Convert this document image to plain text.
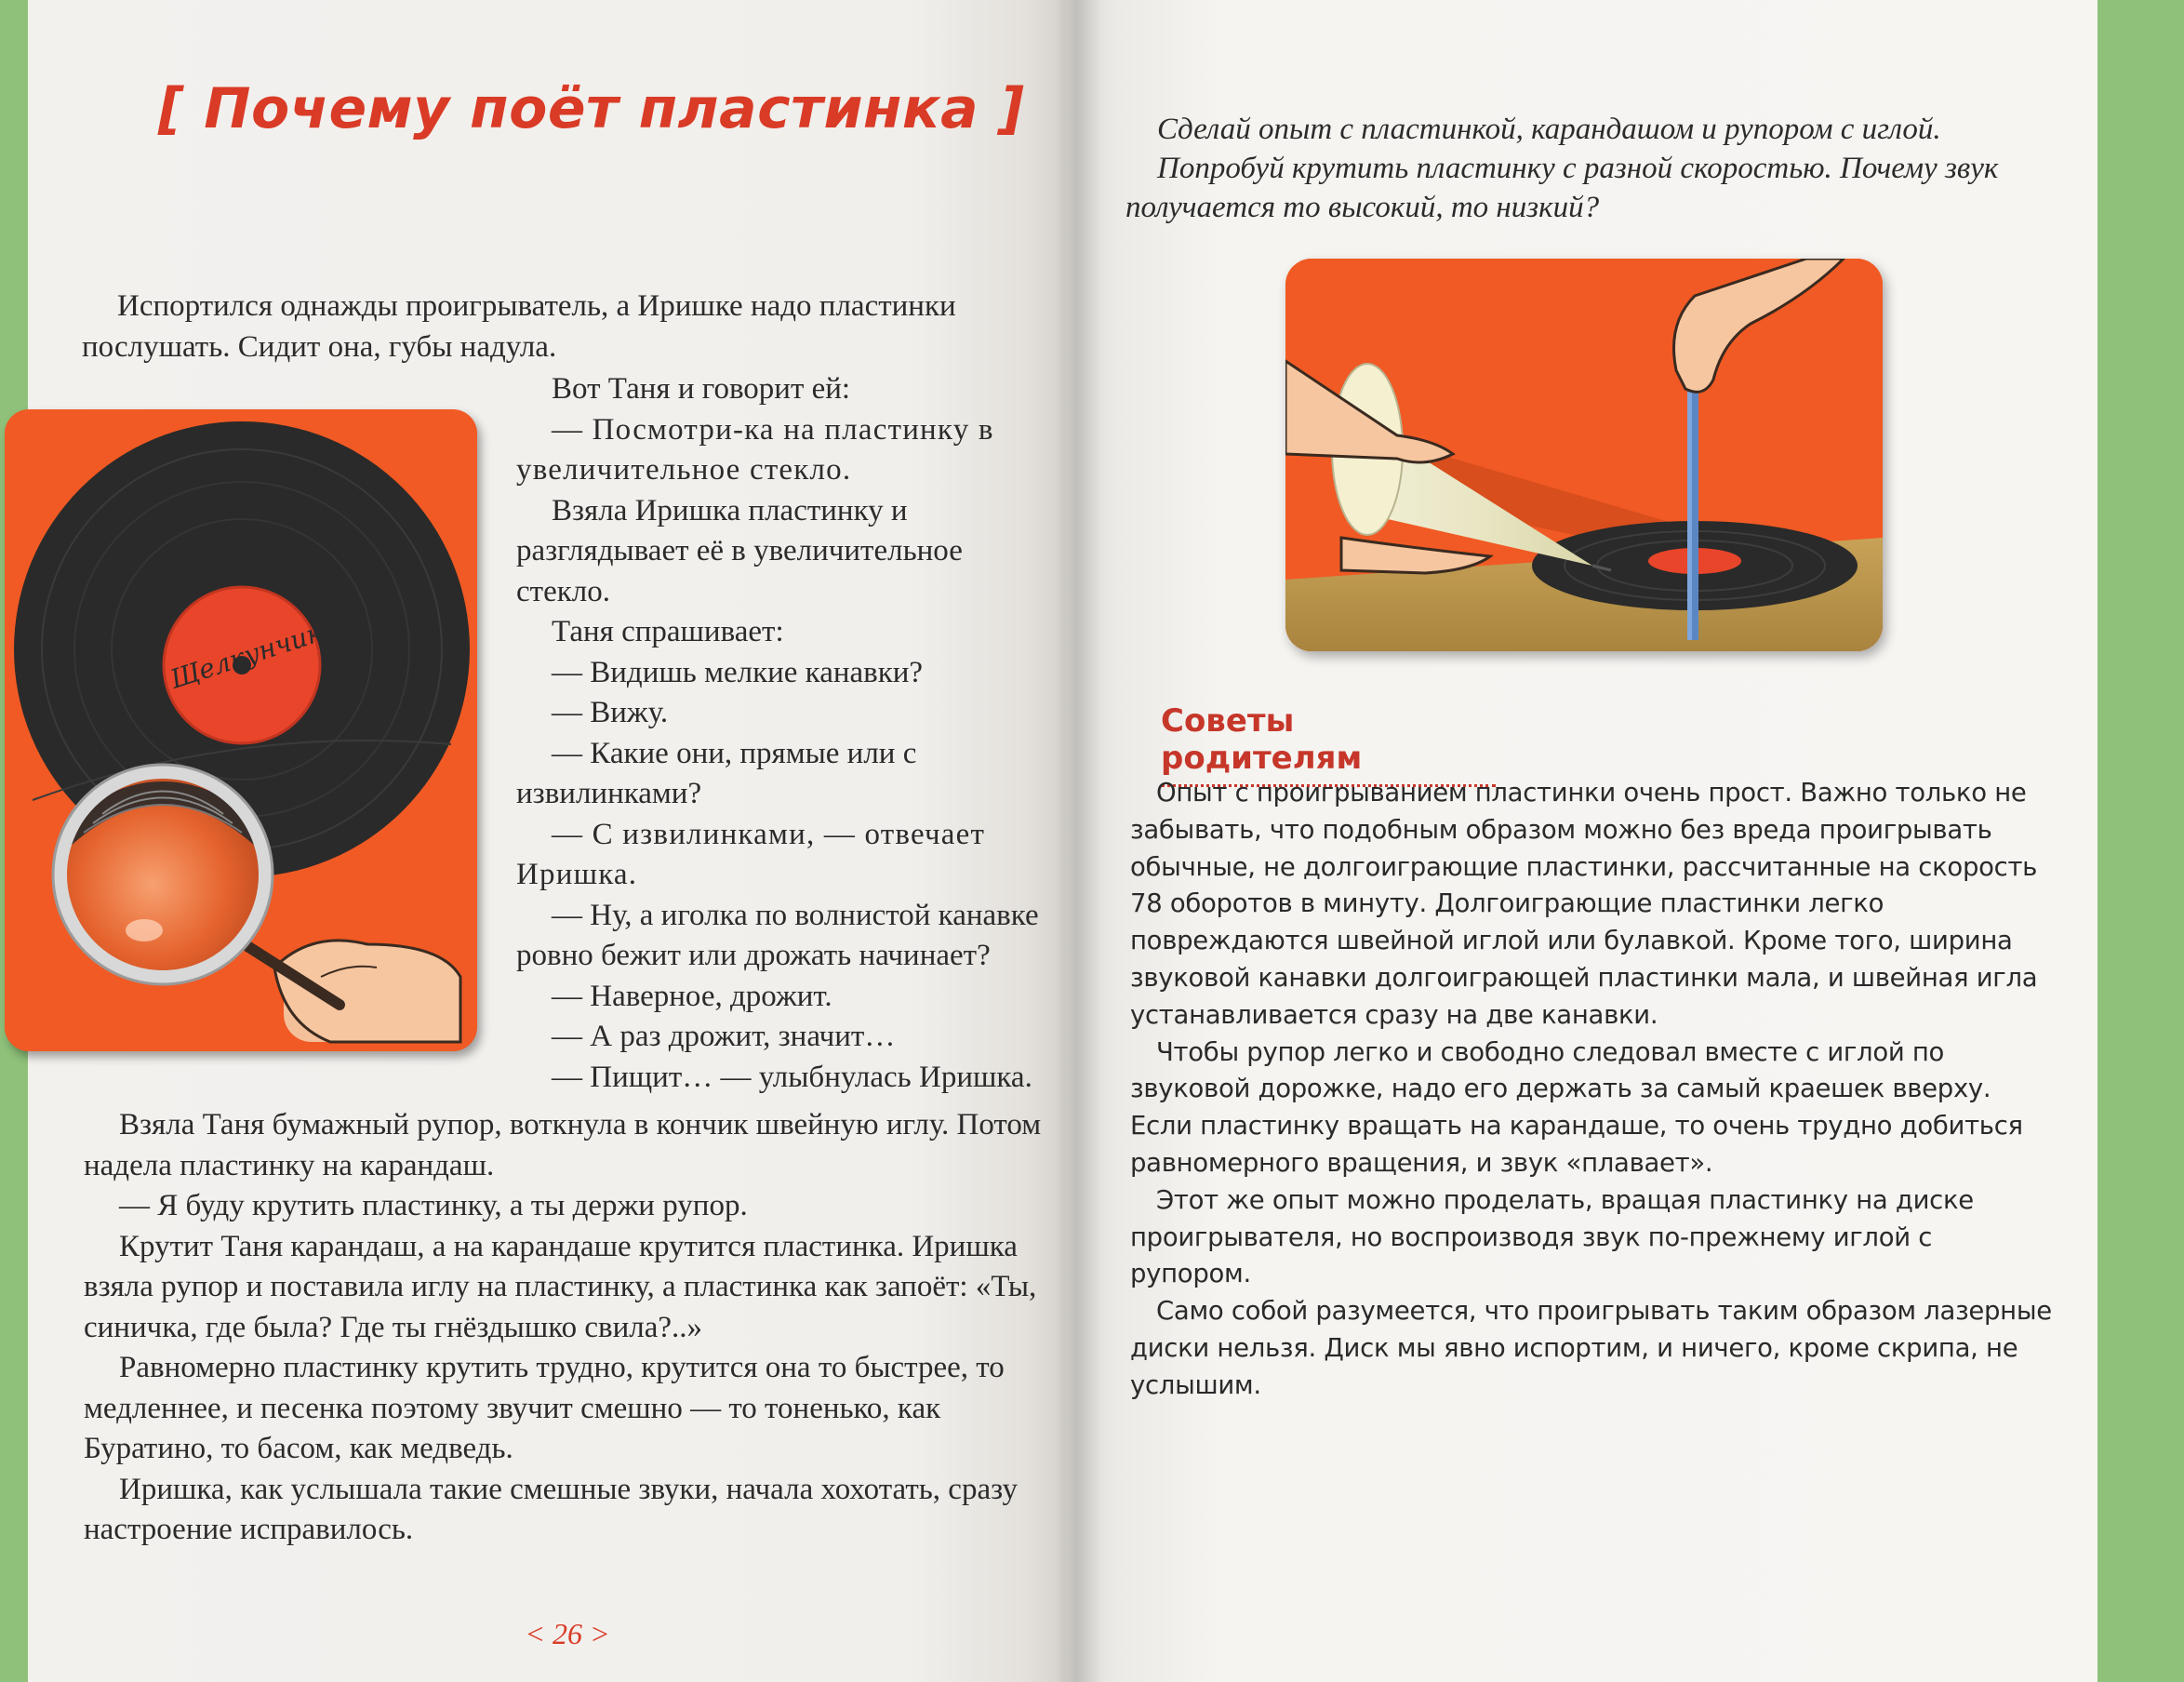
[ Почему поёт пластинка ]

Испортился однажды проигрыватель, а Иришке надо пластинки послушать. Сидит она, губы надула.

Щелкунчик

Вот Таня и говорит ей:

— Посмотри-ка на пластинку в увеличительное стекло.

Взяла Иришка пластинку и разглядывает её в увеличительное стекло.

Таня спрашивает:

— Видишь мелкие канавки?

— Вижу.

— Какие они, прямые или с извилинками?

— С извилинками, — отвечает Иришка.

— Ну, а иголка по волнистой канавке ровно бежит или дрожать начинает?

— Наверное, дрожит.

— А раз дрожит, значит…

— Пищит… — улыбнулась Иришка.

Взяла Таня бумажный рупор, воткнула в кончик швейную иглу. Потом надела пластинку на карандаш.

— Я буду крутить пластинку, а ты держи рупор.

Крутит Таня карандаш, а на карандаше крутится пластинка. Иришка взяла рупор и поставила иглу на пластинку, а пластинка как запоёт: «Ты, синичка, где была? Где ты гнёздышко свила?..»

Равномерно пластинку крутить трудно, крутится она то быстрее, то медленнее, и песенка поэтому звучит смешно — то тоненько, как Буратино, то басом, как медведь.

Иришка, как услышала такие смешные звуки, начала хохотать, сразу настроение исправилось.

< 26 >

Сделай опыт с пластинкой, карандашом и рупором с иглой.

Попробуй крутить пластинку с разной скоростью. Почему звук получается то высокий, то низкий?

Советы родителям

Опыт с проигрыванием пластинки очень прост. Важно только не забывать, что подобным образом можно без вреда проигрывать обычные, не долгоиграющие пластинки, рассчитанные на скорость 78 оборотов в минуту. Долгоиграющие пластинки легко повреждаются швейной иглой или булавкой. Кроме того, ширина звуковой канавки долгоиграющей пластинки мала, и швейная игла устанавливается сразу на две канавки.

Чтобы рупор легко и свободно следовал вместе с иглой по звуковой дорожке, надо его держать за самый краешек вверху. Если пластинку вращать на карандаше, то очень трудно добиться равномерного вращения, и звук «плавает».

Этот же опыт можно проделать, вращая пластинку на диске проигрывателя, но воспроизводя звук по-прежнему иглой с рупором.

Само собой разумеется, что проигрывать таким образом лазерные диски нельзя. Диск мы явно испортим, и ничего, кроме скрипа, не услышим.
